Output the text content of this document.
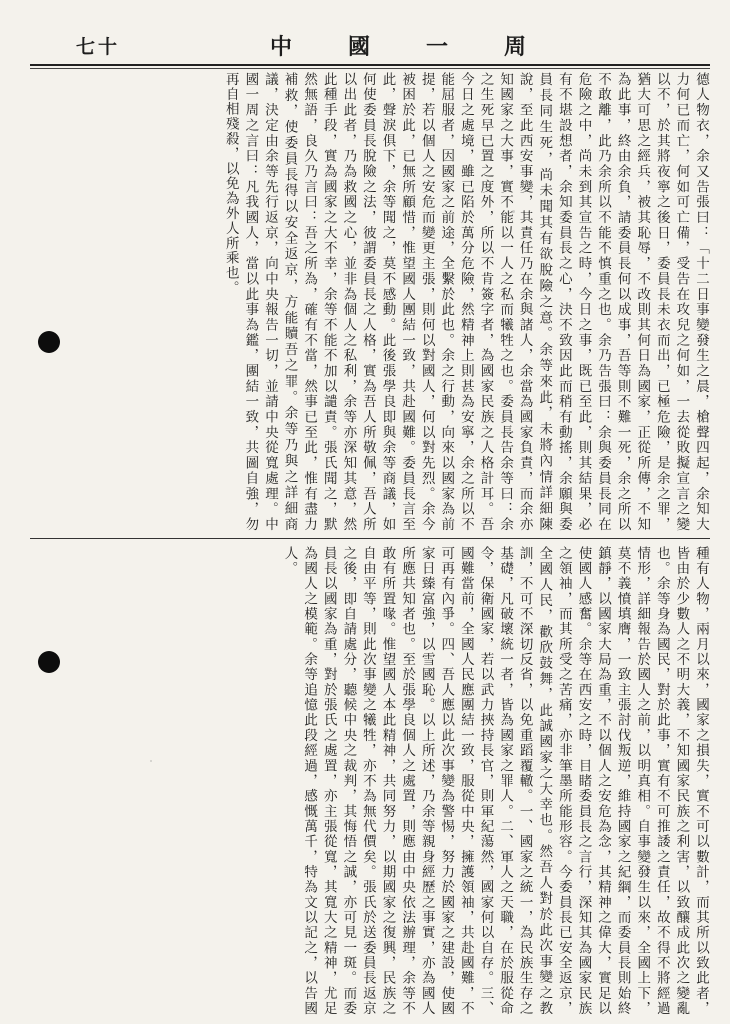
七十	中	國	一	周
德人物衣，余又告張曰：「十二日事變發生之晨，槍聲四起，余知大力何已而亡，何如可亡備，受告在攻兒之何如，一去從敗擬宣言之變以不，於其將夜寧之後日，委員長未衣而出，已極危險，是余之罪，猶大可思之經兵，被其恥辱，不改則其何日為國家，正從所傳，不知為此事，終由余負，請委員長何以成事，吾等則不難一死，余之所以不敢離，此乃余所以不能不慎重之也。余乃告張曰：余與委員長同在危險之中，尚未到其宣告之時，今日之事，既已至此，則其結果，必有不堪設想者，余知委員長之心，決不致因此而稍有動搖，余願與委員長同生死，尚未聞其有欲脫險之意。余等來此，未將內情詳細陳說，至此西安事變，其責任乃在余與諸人，余當為國家負責，而余亦知國家之大事，實不能以一人之私而犧牲之也。委員長告余等曰：余之生死早已置之度外，所以不肯簽字者，為國家民族之人格計耳。吾今日之處境，雖已陷於萬分危險，然精神上則甚為安寧，余之所以不能屈服者，因國家之前途，全繫於此也。余之行動，向來以國家為前提，若以個人之安危而變更主張，則何以對國人，何以對先烈。余今被困於此，已無所顧惜，惟望國人團結一致，共赴國難。委員長言至此，聲淚俱下，余等聞之，莫不感動。此後張學良即與余等商議，如何使委員長脫險之法，彼謂委員長之人格，實為吾人所敬佩，吾人所以出此者，乃為救國之心，並非為個人之私利，余等亦深知其意，然此種手段，實為國家之大不幸，余等不能不加以譴責。張氏聞之，默然無語，良久乃言曰：吾之所為，確有不當，然事已至此，惟有盡力補救，使委員長得以安全返京，方能贖吾之罪。余等乃與之詳細商議，決定由余等先行返京，向中央報告一切，並請中央從寬處理。中國一周之言曰：凡我國人，當以此事為鑑，團結一致，共圖自強，勿再自相殘殺，以免為外人所乘也。
種有人物，兩月以來，國家之損失，實不可以數計，而其所以致此者，皆由於少數人之不明大義，不知國家民族之利害，以致釀成此次之變亂也。余等身為國民，對於此事，實有不可推諉之責任，故不得不將經過情形，詳細報告於國人之前，以明真相。自事變發生以來，全國上下，莫不義憤填膺，一致主張討伐叛逆，維持國家之紀綱，而委員長則始終鎮靜，以國家大局為重，不以個人之安危為念，其精神之偉大，實足以使國人感奮。余等在西安之時，目睹委員長之言行，深知其為國家民族之領袖，而其所受之苦痛，亦非筆墨所能形容。今委員長已安全返京，全國人民，歡欣鼓舞，此誠國家之大幸也。然吾人對於此次事變之教訓，不可不深切反省，以免重蹈覆轍。一、國家之統一，為民族生存之基礎，凡破壞統一者，皆為國家之罪人。二、軍人之天職，在於服從命令，保衛國家，若以武力挾持長官，則軍紀蕩然，國家何以自存。三、國難當前，全國人民應團結一致，服從中央，擁護領袖，共赴國難，不可再有內爭。四、吾人應以此次事變為警惕，努力於國家之建設，使國家日臻富強，以雪國恥。以上所述，乃余等親身經歷之事實，亦為國人所應共知者也。至於張學良個人之處置，則應由中央依法辦理，余等不敢有所置喙。惟望國人本此精神，共同努力，以期國家之復興，民族之自由平等，則此次事變之犧牲，亦不為無代價矣。張氏於送委員長返京之後，即自請處分，聽候中央之裁判，其悔悟之誠，亦可見一斑。而委員長以國家為重，對於張氏之處置，亦主張從寬，其寬大之精神，尤足為國人之模範。余等追憶此段經過，感慨萬千，特為文以記之，以告國人。
